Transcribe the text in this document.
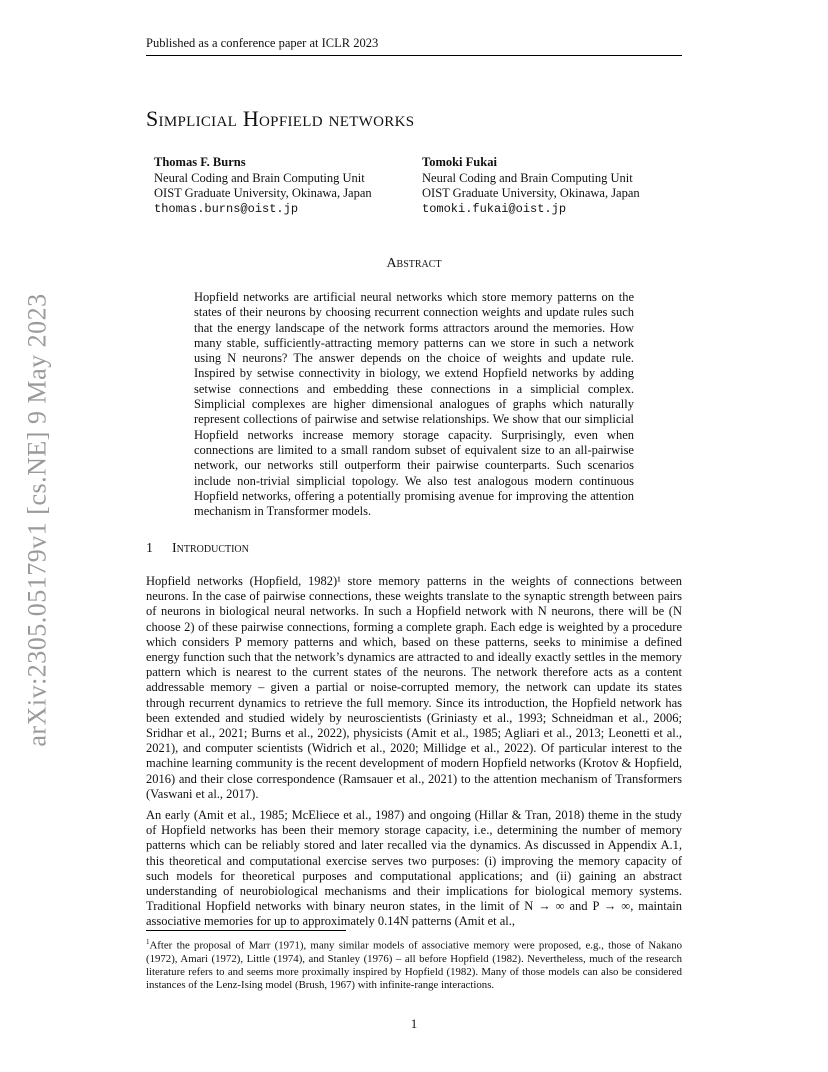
Published as a conference paper at ICLR 2023
arXiv:2305.05179v1 [cs.NE] 9 May 2023
Simplicial Hopfield networks
Thomas F. Burns
Neural Coding and Brain Computing Unit
OIST Graduate University, Okinawa, Japan
thomas.burns@oist.jp
Tomoki Fukai
Neural Coding and Brain Computing Unit
OIST Graduate University, Okinawa, Japan
tomoki.fukai@oist.jp
Abstract
Hopfield networks are artificial neural networks which store memory patterns on the states of their neurons by choosing recurrent connection weights and update rules such that the energy landscape of the network forms attractors around the memories. How many stable, sufficiently-attracting memory patterns can we store in such a network using N neurons? The answer depends on the choice of weights and update rule. Inspired by setwise connectivity in biology, we extend Hopfield networks by adding setwise connections and embedding these connections in a simplicial complex. Simplicial complexes are higher dimensional analogues of graphs which naturally represent collections of pairwise and setwise relationships. We show that our simplicial Hopfield networks increase memory storage capacity. Surprisingly, even when connections are limited to a small random subset of equivalent size to an all-pairwise network, our networks still outperform their pairwise counterparts. Such scenarios include non-trivial simplicial topology. We also test analogous modern continuous Hopfield networks, offering a potentially promising avenue for improving the attention mechanism in Transformer models.
1 Introduction

Hopfield networks (Hopfield, 1982)¹ store memory patterns in the weights of connections between neurons. In the case of pairwise connections, these weights translate to the synaptic strength between pairs of neurons in biological neural networks. In such a Hopfield network with N neurons, there will be (N choose 2) of these pairwise connections, forming a complete graph. Each edge is weighted by a procedure which considers P memory patterns and which, based on these patterns, seeks to minimise a defined energy function such that the network’s dynamics are attracted to and ideally exactly settles in the memory pattern which is nearest to the current states of the neurons. The network therefore acts as a content addressable memory – given a partial or noise-corrupted memory, the network can update its states through recurrent dynamics to retrieve the full memory. Since its introduction, the Hopfield network has been extended and studied widely by neuroscientists (Griniasty et al., 1993; Schneidman et al., 2006; Sridhar et al., 2021; Burns et al., 2022), physicists (Amit et al., 1985; Agliari et al., 2013; Leonetti et al., 2021), and computer scientists (Widrich et al., 2020; Millidge et al., 2022). Of particular interest to the machine learning community is the recent development of modern Hopfield networks (Krotov & Hopfield, 2016) and their close correspondence (Ramsauer et al., 2021) to the attention mechanism of Transformers (Vaswani et al., 2017).

An early (Amit et al., 1985; McEliece et al., 1987) and ongoing (Hillar & Tran, 2018) theme in the study of Hopfield networks has been their memory storage capacity, i.e., determining the number of memory patterns which can be reliably stored and later recalled via the dynamics. As discussed in Appendix A.1, this theoretical and computational exercise serves two purposes: (i) improving the memory capacity of such models for theoretical purposes and computational applications; and (ii) gaining an abstract understanding of neurobiological mechanisms and their implications for biological memory systems. Traditional Hopfield networks with binary neuron states, in the limit of N → ∞ and P → ∞, maintain associative memories for up to approximately 0.14N patterns (Amit et al.,

$^1$After the proposal of Marr (1971), many similar models of associative memory were proposed, e.g., those of Nakano (1972), Amari (1972), Little (1974), and Stanley (1976) – all before Hopfield (1982). Nevertheless, much of the research literature refers to and seems more proximally inspired by Hopfield (1982). Many of those models can also be considered instances of the Lenz-Ising model (Brush, 1967) with infinite-range interactions.
1
